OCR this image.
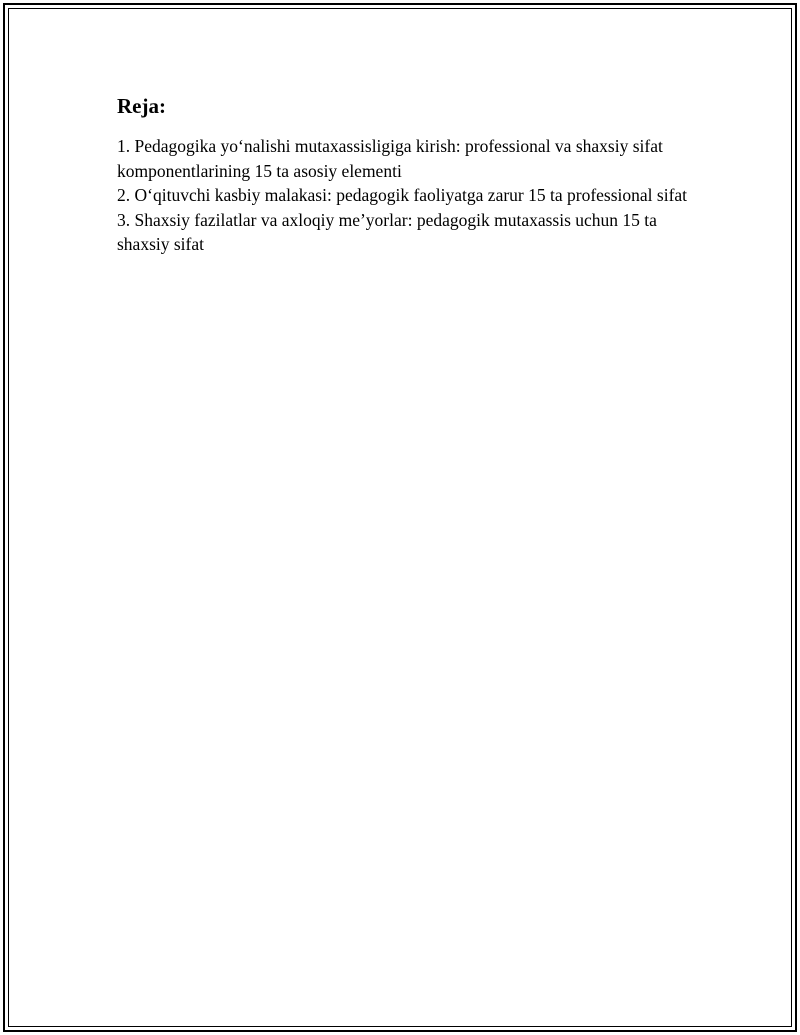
Reja:
1. Pedagogika yo‘nalishi mutaxassisligiga kirish: professional va shaxsiy sifat komponentlarining 15 ta asosiy elementi
2. O‘qituvchi kasbiy malakasi: pedagogik faoliyatga zarur 15 ta professional sifat
3. Shaxsiy fazilatlar va axloqiy me’yorlar: pedagogik mutaxassis uchun 15 ta shaxsiy sifat
